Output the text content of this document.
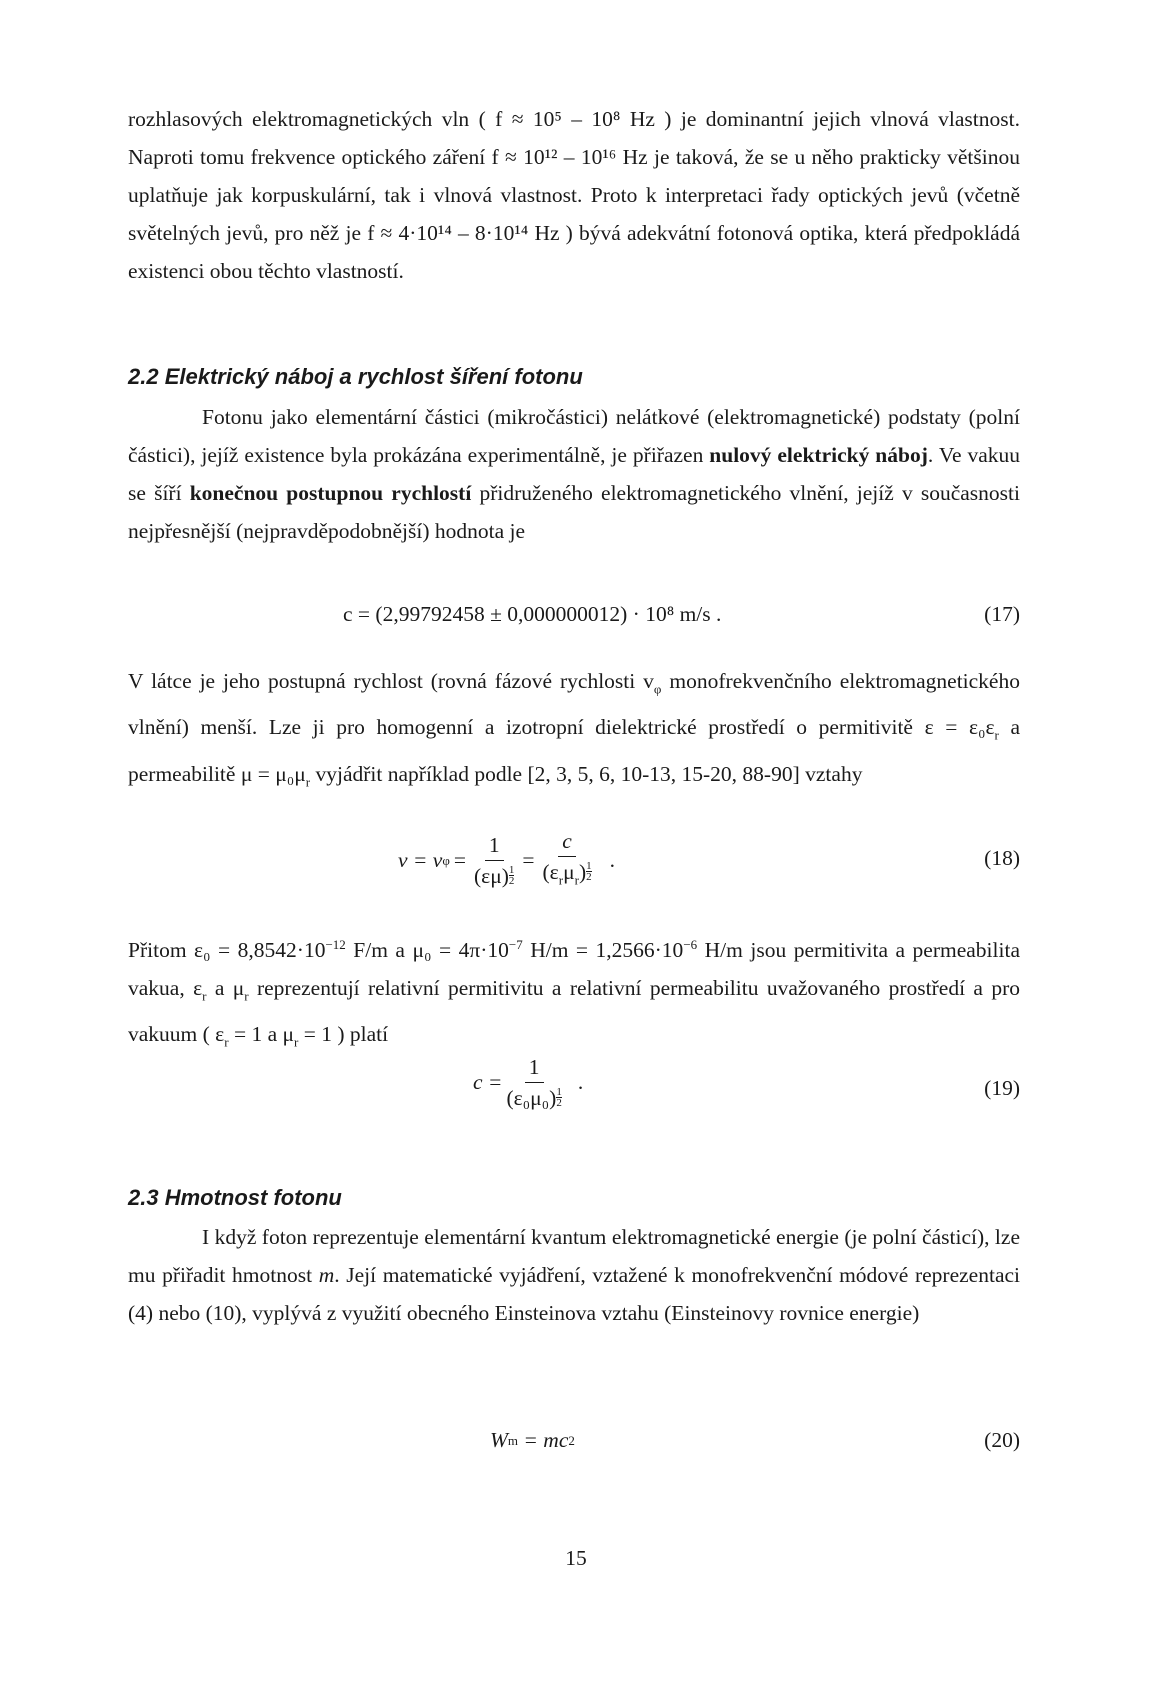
rozhlasových elektromagnetických vln ( f ≈ 10⁵ – 10⁸ Hz ) je dominantní jejich vlnová vlastnost. Naproti tomu frekvence optického záření f ≈ 10¹² – 10¹⁶ Hz je taková, že se u něho prakticky většinou uplatňuje jak korpuskulární, tak i vlnová vlastnost. Proto k interpretaci řady optických jevů (včetně světelných jevů, pro něž je f ≈ 4·10¹⁴ – 8·10¹⁴ Hz ) bývá adekvátní fotonová optika, která předpokládá existenci obou těchto vlastností.

2.2 Elektrický náboj a rychlost šíření fotonu

Fotonu jako elementární částici (mikročástici) nelátkové (elektromagnetické) podstaty (polní částici), jejíž existence byla prokázána experimentálně, je přiřazen nulový elektrický náboj. Ve vakuu se šíří konečnou postupnou rychlostí přidruženého elektromagnetického vlnění, jejíž v současnosti nejpřesnější (nejpravděpodobnější) hodnota je

c = (2,99792458 ± 0,000000012) · 10⁸ m/s .	(17)

V látce je jeho postupná rychlost (rovná fázové rychlosti $v_\varphi$ monofrekvenčního elektromagnetického vlnění) menší. Lze ji pro homogenní a izotropní dielektrické prostředí o permitivitě $\varepsilon = \varepsilon_0\varepsilon_r$ a permeabilitě $\mu = \mu_0\mu_r$ vyjádřit například podle [2, 3, 5, 6, 10-13, 15-20, 88-90] vztahy

v = v $\varphi = \frac{1}{(\varepsilon\mu) \frac{1}{2}} = \frac{c}{(\varepsilon_r\mu_r) \frac{1}{2}}$ .	(18)

Přitom $\varepsilon_0 = 8,8542\cdot 10^{-12}$ F/m a $\mu_0 = 4\pi\cdot 10^{-7}$ $H/m = 1,2566\cdot 10^{-6}$ H/m jsou permitivita a permeabilita vakua, $\varepsilon_r$ a $\mu_r$ reprezentují relativní permitivitu a relativní permeabilitu uvažovaného prostředí a pro vakuum ( $\varepsilon_r = 1$ a $\mu_r = 1$ ) platí

$c = \frac{1}{(\varepsilon_0\mu_0) \frac{1}{2}}$ .	(19)
2.3 Hmotnost fotonu

I když foton reprezentuje elementární kvantum elektromagnetické energie (je polní částicí), lze mu přiřadit hmotnost m. Její matematické vyjádření, vztažené k monofrekvenční módové reprezentaci (4) nebo (10), vyplývá z využití obecného Einsteinova vztahu (Einsteinovy rovnice energie)

W m
= mc 2	(20)
15
